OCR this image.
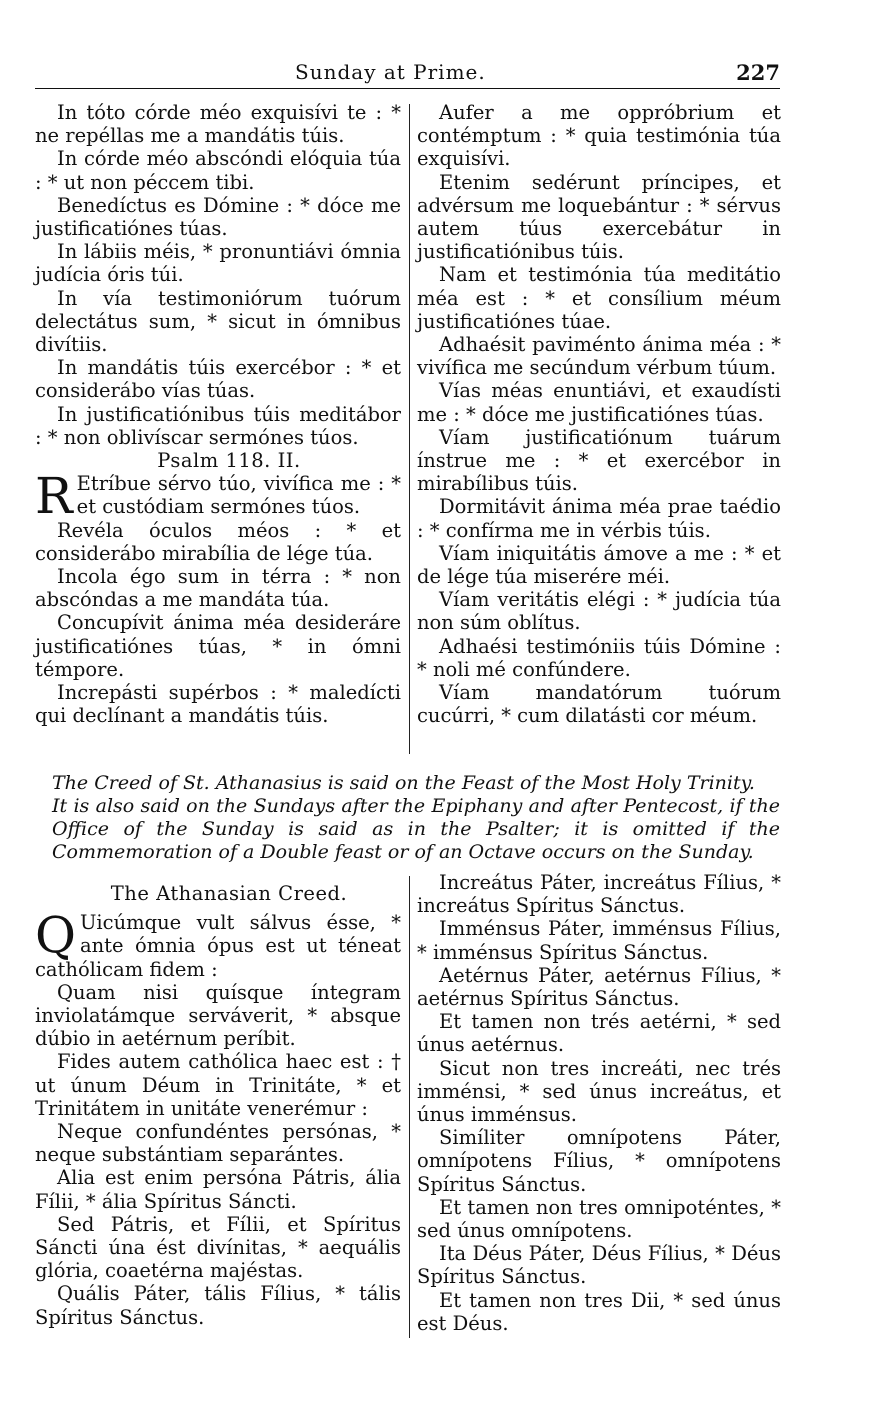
Sunday at Prime.	227

In tóto córde méo exquisívi te : * ne repéllas me a mandátis túis.

In córde méo abscóndi elóquia túa : * ut non péccem tibi.

Benedíctus es Dómine : * dóce me justificatiónes túas.

In lábiis méis, * pronuntiávi ómnia judícia óris túi.

In vía testimoniórum tuórum delectátus sum, * sicut in ómnibus divítiis.

In mandátis túis exercébor : * et considerábo vías túas.

In justificatiónibus túis meditábor : * non oblivíscar sermónes túos.

Psalm 118. II.

R Etríbue sérvo túo, vivífica me : * et custódiam sermónes túos.

Revéla óculos méos : * et considerábo mirabília de lége túa.

Incola égo sum in térra : * non abscóndas a me mandáta túa.

Concupívit ánima méa desideráre justificatiónes túas, * in ómni témpore.

Increpásti supérbos : * maledícti qui declínant a mandátis túis.

Aufer a me oppróbrium et contémptum : * quia testimónia túa exquisívi.

Etenim sedérunt príncipes, et advérsum me loquebántur : * sérvus autem túus exercebátur in justificatiónibus túis.

Nam et testimónia túa meditátio méa est : * et consílium méum justificatiónes túae.

Adhaésit paviménto ánima méa : * vivífica me secúndum vérbum túum.

Vías méas enuntiávi, et exaudísti me : * dóce me justificatiónes túas.

Víam justificatiónum tuárum ínstrue me : * et exercébor in mirabílibus túis.

Dormitávit ánima méa prae taédio : * confírma me in vérbis túis.

Víam iniquitátis ámove a me : * et de lége túa miserére méi.

Víam veritátis elégi : * judícia túa non súm oblítus.

Adhaési testimóniis túis Dómine : * noli mé confúndere.

Víam mandatórum tuórum cucúrri, * cum dilatásti cor méum.

The Creed of St. Athanasius is said on the Feast of the Most Holy Trinity.
It is also said on the Sundays after the Epiphany and after Pentecost, if the Office of the Sunday is said as in the Psalter; it is omitted if the Commemoration of a Double feast or of an Octave occurs on the Sunday.

The Athanasian Creed.

Q Uicúmque vult sálvus ésse, * ante ómnia ópus est ut téneat cathólicam fidem :

Quam nisi quísque íntegram inviolatámque serváverit, * absque dúbio in aetérnum períbit.

Fides autem cathólica haec est : † ut únum Déum in Trinitáte, * et Trinitátem in unitáte venerémur :

Neque confundéntes persónas, * neque substántiam separántes.

Alia est enim persóna Pátris, ália Fílii, * ália Spíritus Sáncti.

Sed Pátris, et Fílii, et Spíritus Sáncti úna ést divínitas, * aequális glória, coaetérna majéstas.

Quális Páter, tális Fílius, * tális Spíritus Sánctus.

Increátus Páter, increátus Fílius, * increátus Spíritus Sánctus.

Imménsus Páter, imménsus Fílius, * imménsus Spíritus Sánctus.

Aetérnus Páter, aetérnus Fílius, * aetérnus Spíritus Sánctus.

Et tamen non trés aetérni, * sed únus aetérnus.

Sicut non tres increáti, nec trés imménsi, * sed únus increátus, et únus imménsus.

Simíliter omnípotens Páter, omnípotens Fílius, * omnípotens Spíritus Sánctus.

Et tamen non tres omnipoténtes, * sed únus omnípotens.

Ita Déus Páter, Déus Fílius, * Déus Spíritus Sánctus.

Et tamen non tres Dii, * sed únus est Déus.
